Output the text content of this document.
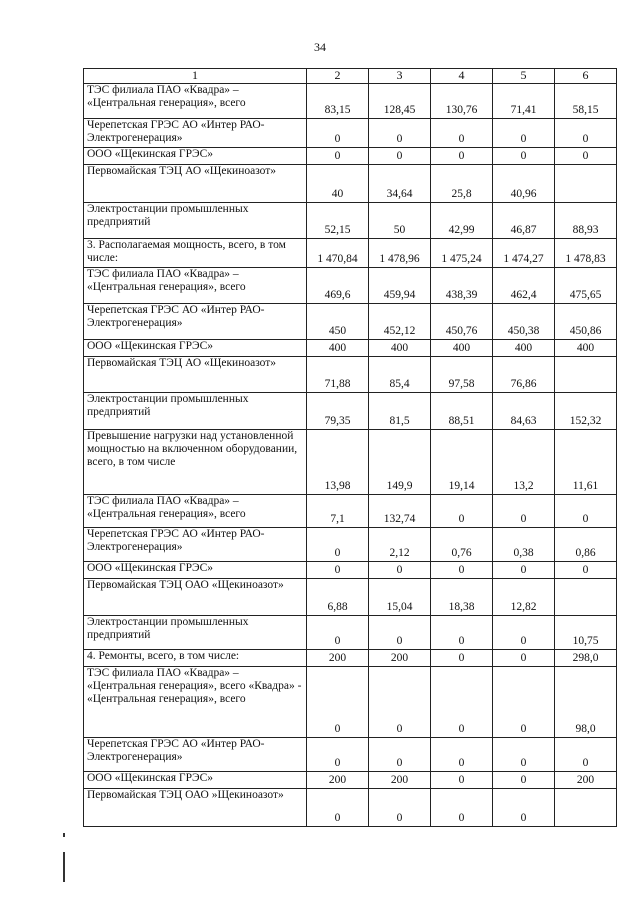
34
1	2	3	4	5	6
ТЭС филиала ПАО «Квадра» – «Центральная генерация», всего	83,15	128,45	130,76	71,41	58,15
Черепетская ГРЭС АО «Интер РАО-Электрогенерация»	0	0	0	0	0
ООО «Щекинская ГРЭС»	0	0	0	0	0
Первомайская ТЭЦ АО «Щекиноазот»	40	34,64	25,8	40,96	
Электростанции промышленных предприятий	52,15	50	42,99	46,87	88,93
3. Располагаемая мощность, всего, в том числе:	1 470,84	1 478,96	1 475,24	1 474,27	1 478,83
ТЭС филиала ПАО «Квадра» – «Центральная генерация», всего	469,6	459,94	438,39	462,4	475,65
Черепетская ГРЭС АО «Интер РАО-Электрогенерация»	450	452,12	450,76	450,38	450,86
ООО «Щекинская ГРЭС»	400	400	400	400	400
Первомайская ТЭЦ АО «Щекиноазот»	71,88	85,4	97,58	76,86	
Электростанции промышленных предприятий	79,35	81,5	88,51	84,63	152,32
Превышение нагрузки над установленной мощностью на включенном оборудовании, всего, в том числе	13,98	149,9	19,14	13,2	11,61
ТЭС филиала ПАО «Квадра» – «Центральная генерация», всего	7,1	132,74	0	0	0
Черепетская ГРЭС АО «Интер РАО-Электрогенерация»	0	2,12	0,76	0,38	0,86
ООО «Щекинская ГРЭС»	0	0	0	0	0
Первомайская ТЭЦ ОАО «Щекиноазот»	6,88	15,04	18,38	12,82	
Электростанции промышленных предприятий	0	0	0	0	10,75
4. Ремонты, всего, в том числе:	200	200	0	0	298,0
ТЭС филиала ПАО «Квадра» – «Центральная генерация», всего «Квадра» - «Центральная генерация», всего	0	0	0	0	98,0
Черепетская ГРЭС АО «Интер РАО-Электрогенерация»	0	0	0	0	0
ООО «Щекинская ГРЭС»	200	200	0	0	200
Первомайская ТЭЦ ОАО »Щекиноазот»	0	0	0	0	
